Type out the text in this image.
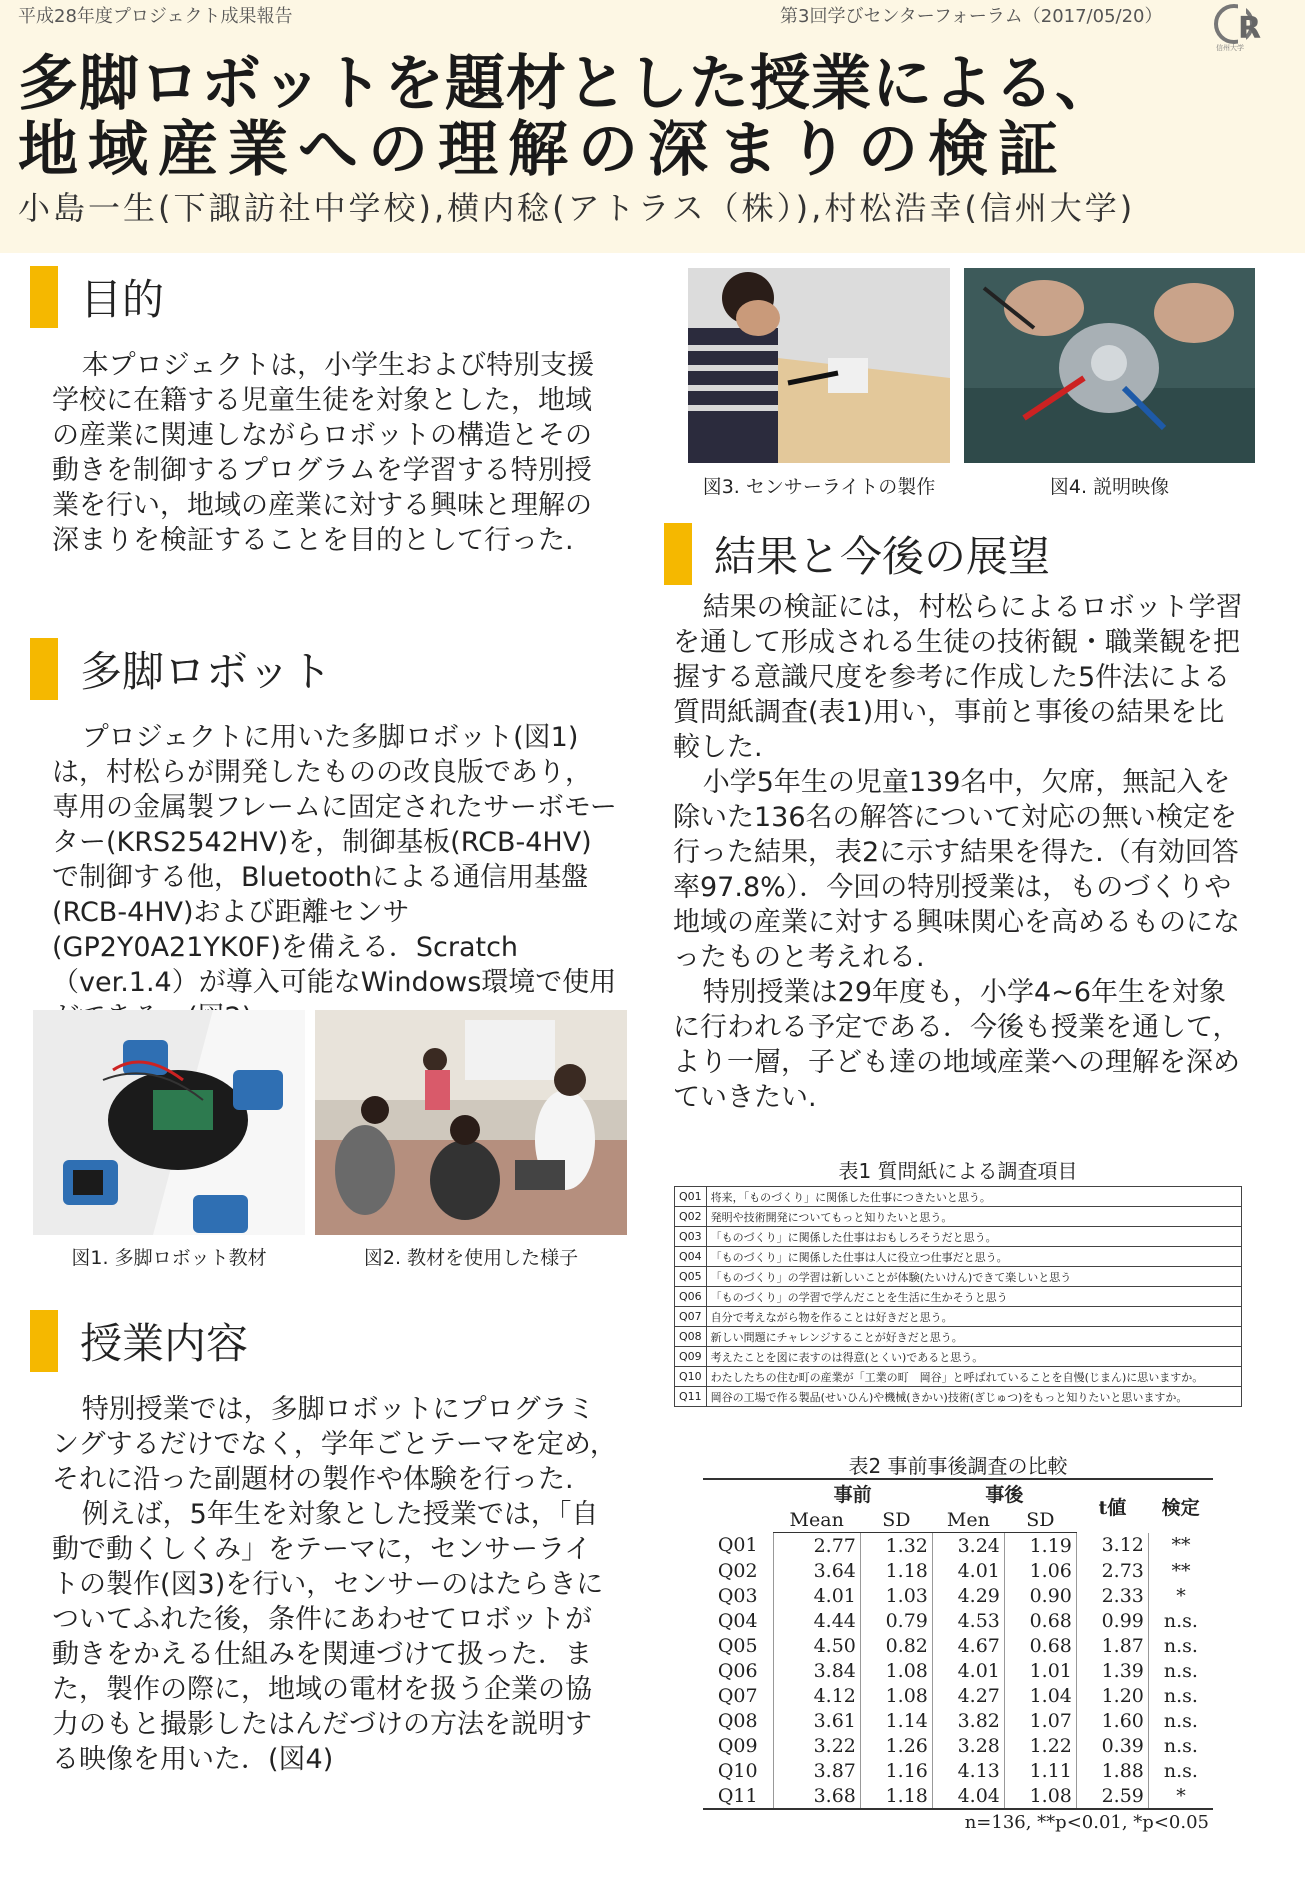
平成28年度プロジェクト成果報告	第3回学びセンターフォーラム（2017/05/20）	R
信州大学
多脚ロボットを題材とした授業による、
地域産業への理解の深まりの検証
小島一生(下諏訪社中学校),横内稔(アトラス（株）),村松浩幸(信州大学)
目的

本プロジェクトは，小学生および特別支援学校に在籍する児童生徒を対象とした，地域の産業に関連しながらロボットの構造とその動きを制御するプログラムを学習する特別授業を行い，地域の産業に対する興味と理解の深まりを検証することを目的として行った.

多脚ロボット

プロジェクトに用いた多脚ロボット(図1)は，村松らが開発したものの改良版であり，専用の金属製フレームに固定されたサーボモーター(KRS2542HV)を，制御基板(RCB-4HV)で制御する他，Bluetoothによる通信用基盤(RCB-4HV)および距離センサ(GP2Y0A21YK0F)を備える．Scratch（ver.1.4）が導入可能なWindows環境で使用

図1. 多脚ロボット教材	図2. 教材を使用した様子
授業内容

特別授業では，多脚ロボットにプログラミングするだけでなく，学年ごとテーマを定め，それに沿った副題材の製作や体験を行った.

例えば，5年生を対象とした授業では，「自動で動くしくみ」をテーマに，センサーライトの製作(図3)を行い，センサーのはたらきについてふれた後，条件にあわせてロボットが動きをかえる仕組みを関連づけて扱った．また，製作の際に，地域の電材を扱う企業の協力のもと撮影したはんだづけの方法を説明する映像を用いた．(図4)

図3. センサーライトの製作	図4. 説明映像
結果と今後の展望

結果の検証には，村松らによるロボット学習を通して形成される生徒の技術観・職業観を把握する意識尺度を参考に作成した5件法による質問紙調査(表1)用い，事前と事後の結果を比較した.

小学5年生の児童139名中，欠席，無記入を除いた136名の解答について対応の無い検定を行った結果，表2に示す結果を得た.（有効回答率97.8%）．今回の特別授業は，ものづくりや地域の産業に対する興味関心を高めるものになったものと考えれる.

特別授業は29年度も，小学4~6年生を対象に行われる予定である．今後も授業を通して，より一層，子ども達の地域産業への理解を深めていきたい.

表1 質問紙による調査項目
Q01	将来，「ものづくり」に関係した仕事につきたいと思う。
Q02	発明や技術開発についてもっと知りたいと思う。
Q03	「ものづくり」に関係した仕事はおもしろそうだと思う。
Q04	「ものづくり」に関係した仕事は人に役立つ仕事だと思う。
Q05	「ものづくり」の学習は新しいことが体験(たいけん)できて楽しいと思う
Q06	「ものづくり」の学習で学んだことを生活に生かそうと思う
Q07	自分で考えながら物を作ることは好きだと思う。
Q08	新しい問題にチャレンジすることが好きだと思う。
Q09	考えたことを図に表すのは得意(とくい)であると思う。
Q10	わたしたちの住む町の産業が「工業の町　岡谷」と呼ばれていることを自慢(じまん)に思いますか。
Q11	岡谷の工場で作る製品(せいひん)や機械(きかい)技術(ぎじゅつ)をもっと知りたいと思いますか。
表2 事前事後調査の比較
	事前		事後		t値	検定
	Mean	SD	Men	SD		
Q01	2.77	1.32	3.24	1.19	3.12	**
Q02	3.64	1.18	4.01	1.06	2.73	**
Q03	4.01	1.03	4.29	0.90	2.33	*
Q04	4.44	0.79	4.53	0.68	0.99	n.s.
Q05	4.50	0.82	4.67	0.68	1.87	n.s.
Q06	3.84	1.08	4.01	1.01	1.39	n.s.
Q07	4.12	1.08	4.27	1.04	1.20	n.s.
Q08	3.61	1.14	3.82	1.07	1.60	n.s.
Q09	3.22	1.26	3.28	1.22	0.39	n.s.
Q10	3.87	1.16	4.13	1.11	1.88	n.s.
Q11	3.68	1.18	4.04	1.08	2.59	*
n=136, **p<0.01, *p<0.05						
